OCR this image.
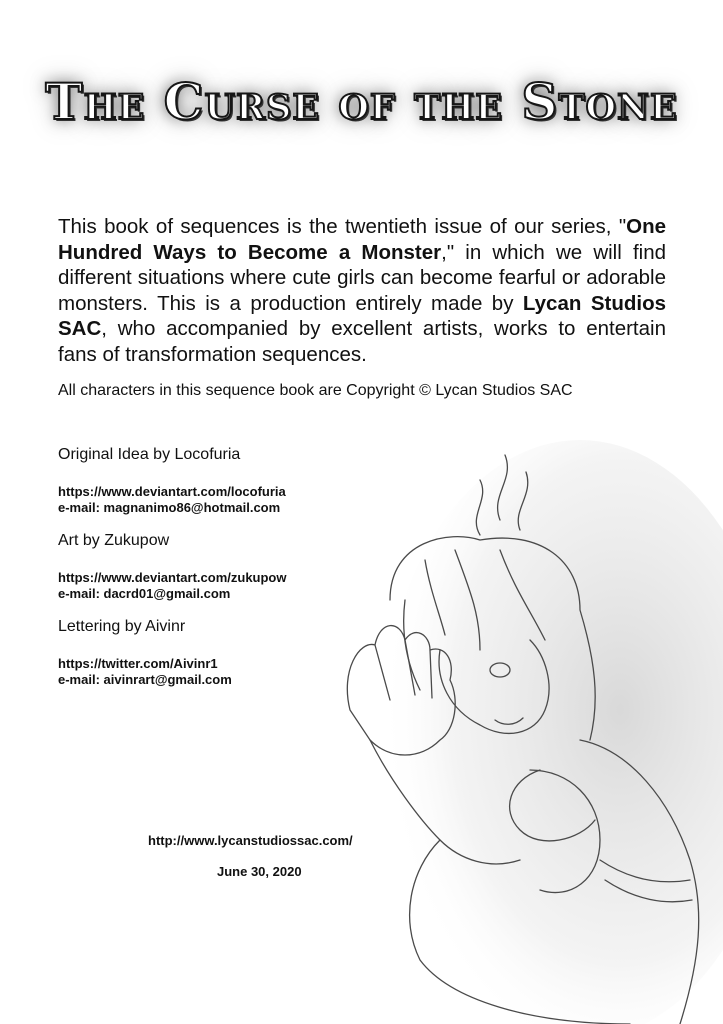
The Curse of the Stone
This book of sequences is the twentieth issue of our series, "One Hundred Ways to Become a Monster," in which we will find different situations where cute girls can become fearful or adorable monsters. This is a production entirely made by Lycan Studios SAC, who accompanied by excellent artists, works to entertain fans of transformation sequences.
All characters in this sequence book are Copyright © Lycan Studios SAC
Original Idea by Locofuria
https://www.deviantart.com/locofuria
e-mail: magnanimo86@hotmail.com
Art by Zukupow
https://www.deviantart.com/zukupow
e-mail: dacrd01@gmail.com
Lettering by Aivinr
https://twitter.com/Aivinr1
e-mail: aivinrart@gmail.com
http://www.lycanstudiossac.com/
June 30, 2020
